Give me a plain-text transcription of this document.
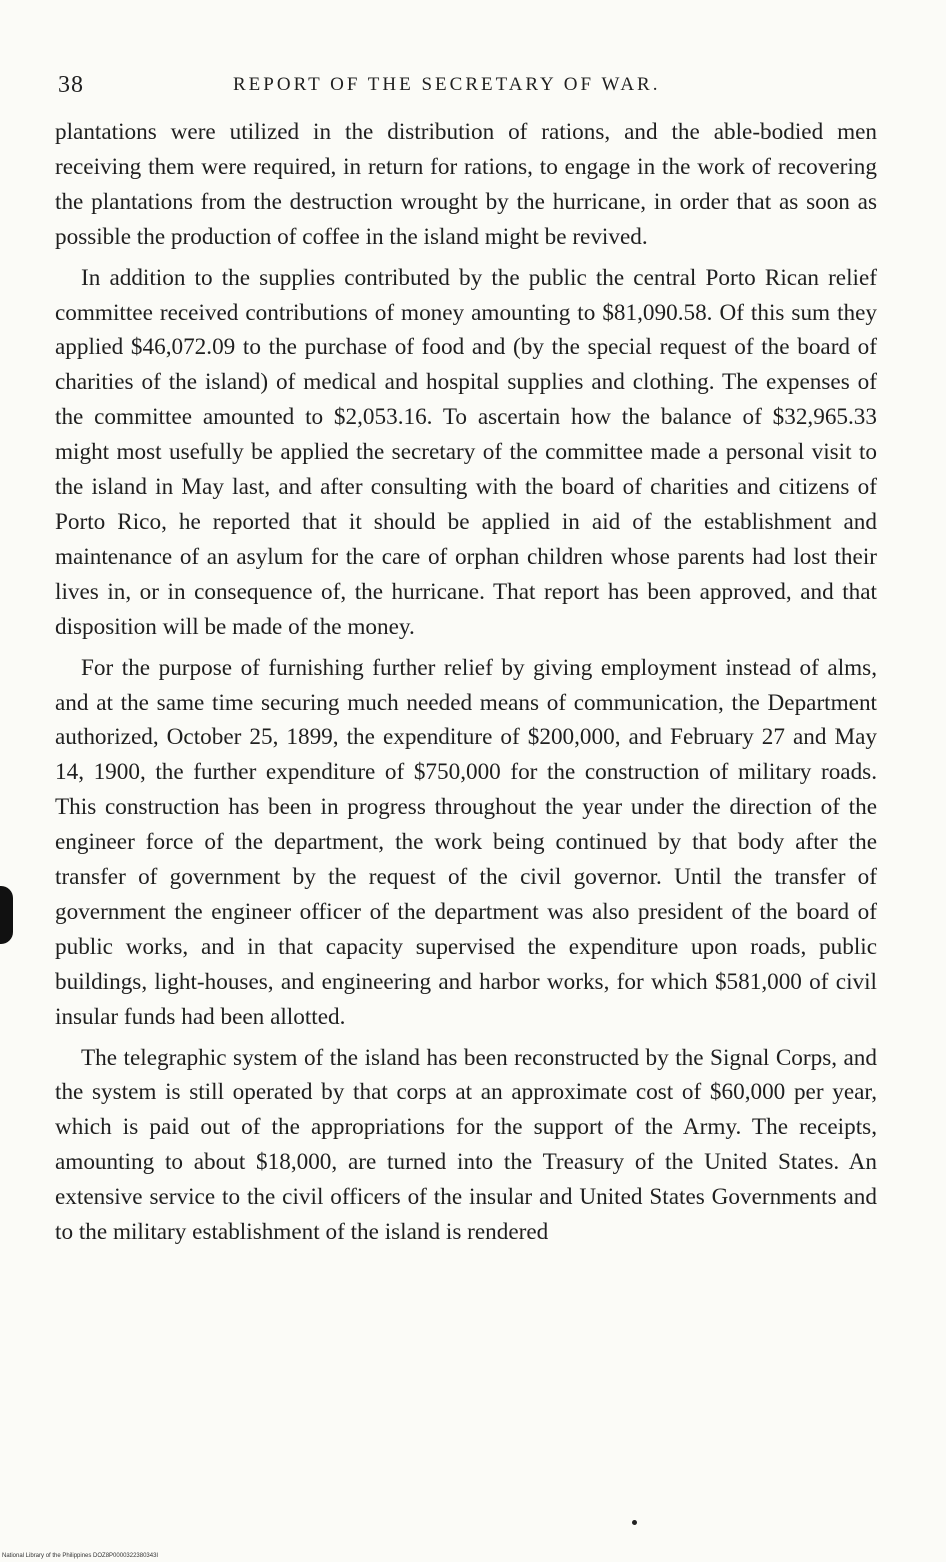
38	REPORT OF THE SECRETARY OF WAR.

plantations were utilized in the distribution of rations, and the able-bodied men receiving them were required, in return for rations, to engage in the work of recovering the plantations from the destruction wrought by the hurricane, in order that as soon as possible the production of coffee in the island might be revived.

In addition to the supplies contributed by the public the central Porto Rican relief committee received contributions of money amounting to $81,090.58. Of this sum they applied $46,072.09 to the purchase of food and (by the special request of the board of charities of the island) of medical and hospital supplies and clothing. The expenses of the committee amounted to $2,053.16. To ascertain how the balance of $32,965.33 might most usefully be applied the secretary of the committee made a personal visit to the island in May last, and after consulting with the board of charities and citizens of Porto Rico, he reported that it should be applied in aid of the establishment and maintenance of an asylum for the care of orphan children whose parents had lost their lives in, or in consequence of, the hurricane. That report has been approved, and that disposition will be made of the money.

For the purpose of furnishing further relief by giving employment instead of alms, and at the same time securing much needed means of communication, the Department authorized, October 25, 1899, the expenditure of $200,000, and February 27 and May 14, 1900, the further expenditure of $750,000 for the construction of military roads. This construction has been in progress throughout the year under the direction of the engineer force of the department, the work being continued by that body after the transfer of government by the request of the civil governor. Until the transfer of government the engineer officer of the department was also president of the board of public works, and in that capacity supervised the expenditure upon roads, public buildings, light-houses, and engineering and harbor works, for which $581,000 of civil insular funds had been allotted.

The telegraphic system of the island has been reconstructed by the Signal Corps, and the system is still operated by that corps at an approximate cost of $60,000 per year, which is paid out of the appropriations for the support of the Army. The receipts, amounting to about $18,000, are turned into the Treasury of the United States. An extensive service to the civil officers of the insular and United States Governments and to the military establishment of the island is rendered

National Library of the Philippines DOZ8P0000322380343I
